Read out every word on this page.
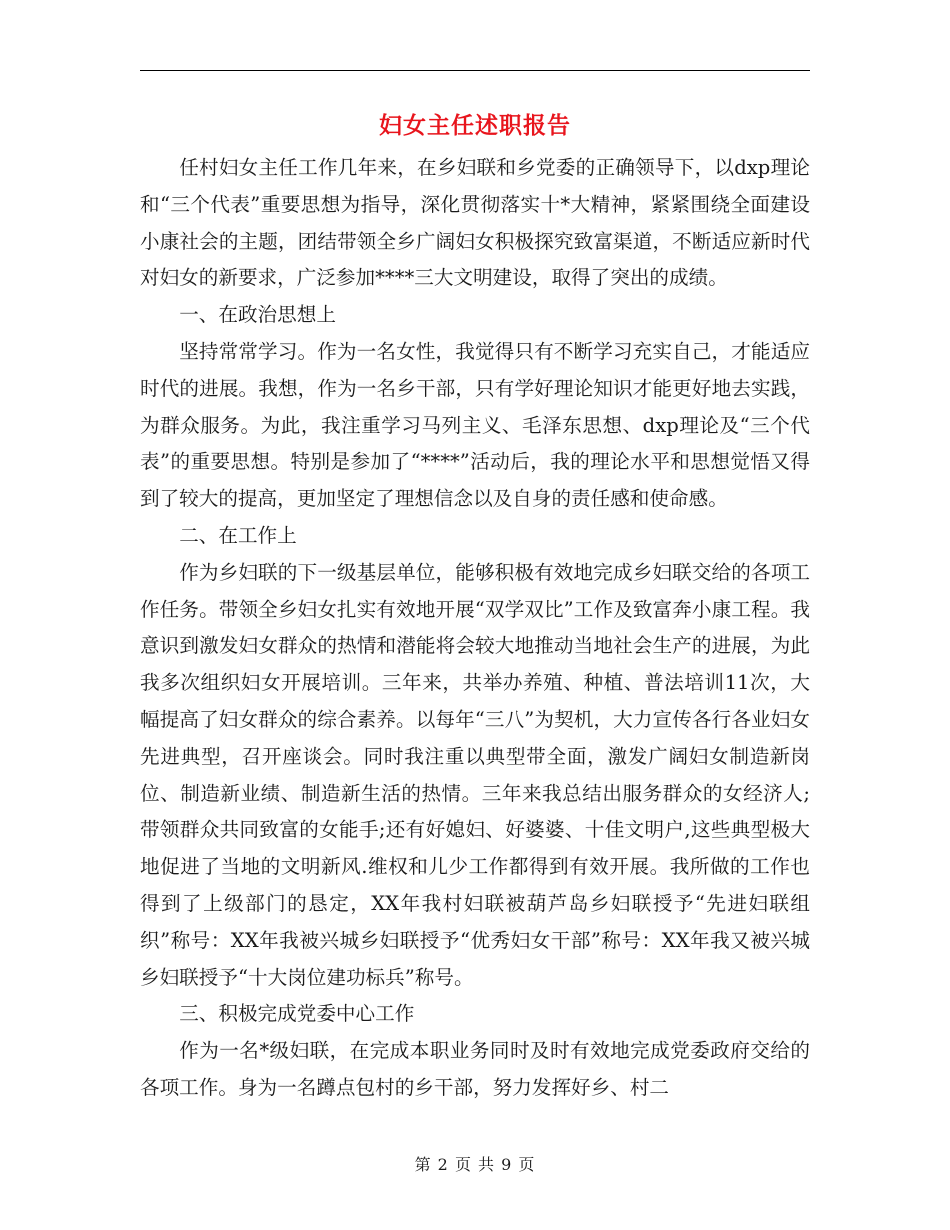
妇女主任述职报告

任村妇女主任工作几年来，在乡妇联和乡党委的正确领导下，以dxp理论和“三个代表”重要思想为指导，深化贯彻落实十*大精神，紧紧围绕全面建设小康社会的主题，团结带领全乡广阔妇女积极探究致富渠道，不断适应新时代对妇女的新要求，广泛参加****三大文明建设，取得了突出的成绩。

一、在政治思想上

坚持常常学习。作为一名女性，我觉得只有不断学习充实自己，才能适应时代的进展。我想，作为一名乡干部，只有学好理论知识才能更好地去实践，为群众服务。为此，我注重学习马列主义、毛泽东思想、dxp理论及“三个代表”的重要思想。特别是参加了“****”活动后，我的理论水平和思想觉悟又得到了较大的提高，更加坚定了理想信念以及自身的责任感和使命感。

二、在工作上

作为乡妇联的下一级基层单位，能够积极有效地完成乡妇联交给的各项工作任务。带领全乡妇女扎实有效地开展“双学双比”工作及致富奔小康工程。我意识到激发妇女群众的热情和潜能将会较大地推动当地社会生产的进展，为此我多次组织妇女开展培训。三年来，共举办养殖、种植、普法培训11次，大幅提高了妇女群众的综合素养。以每年“三八”为契机，大力宣传各行各业妇女先进典型，召开座谈会。同时我注重以典型带全面，激发广阔妇女制造新岗位、制造新业绩、制造新生活的热情。三年来我总结出服务群众的女经济人;带领群众共同致富的女能手;还有好媳妇、好婆婆、十佳文明户,这些典型极大地促进了当地的文明新风.维权和儿少工作都得到有效开展。我所做的工作也得到了上级部门的恳定，XX年我村妇联被葫芦岛乡妇联授予“先进妇联组织”称号：XX年我被兴城乡妇联授予“优秀妇女干部”称号：XX年我又被兴城乡妇联授予“十大岗位建功标兵”称号。

三、积极完成党委中心工作

作为一名*级妇联，在完成本职业务同时及时有效地完成党委政府交给的各项工作。身为一名蹲点包村的乡干部，努力发挥好乡、村二

第 2 页 共 9 页
